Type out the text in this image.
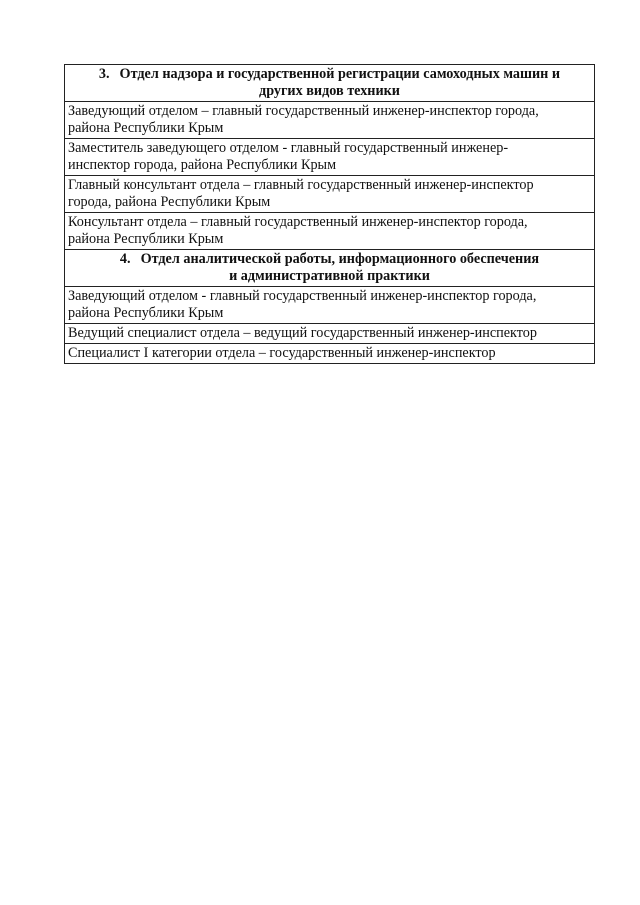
3. Отдел надзора и государственной регистрации самоходных машин и
других видов техники

Заведующий отделом – главный государственный инженер-инспектор города,
района Республики Крым

Заместитель заведующего отделом - главный государственный инженер-
инспектор города, района Республики Крым

Главный консультант отдела – главный государственный инженер-инспектор
города, района Республики Крым

Консультант отдела – главный государственный инженер-инспектор города,
района Республики Крым

4. Отдел аналитической работы, информационного обеспечения
и административной практики

Заведующий отделом - главный государственный инженер-инспектор города,
района Республики Крым

Ведущий специалист отдела – ведущий государственный инженер-инспектор

Специалист I категории отдела – государственный инженер-инспектор
